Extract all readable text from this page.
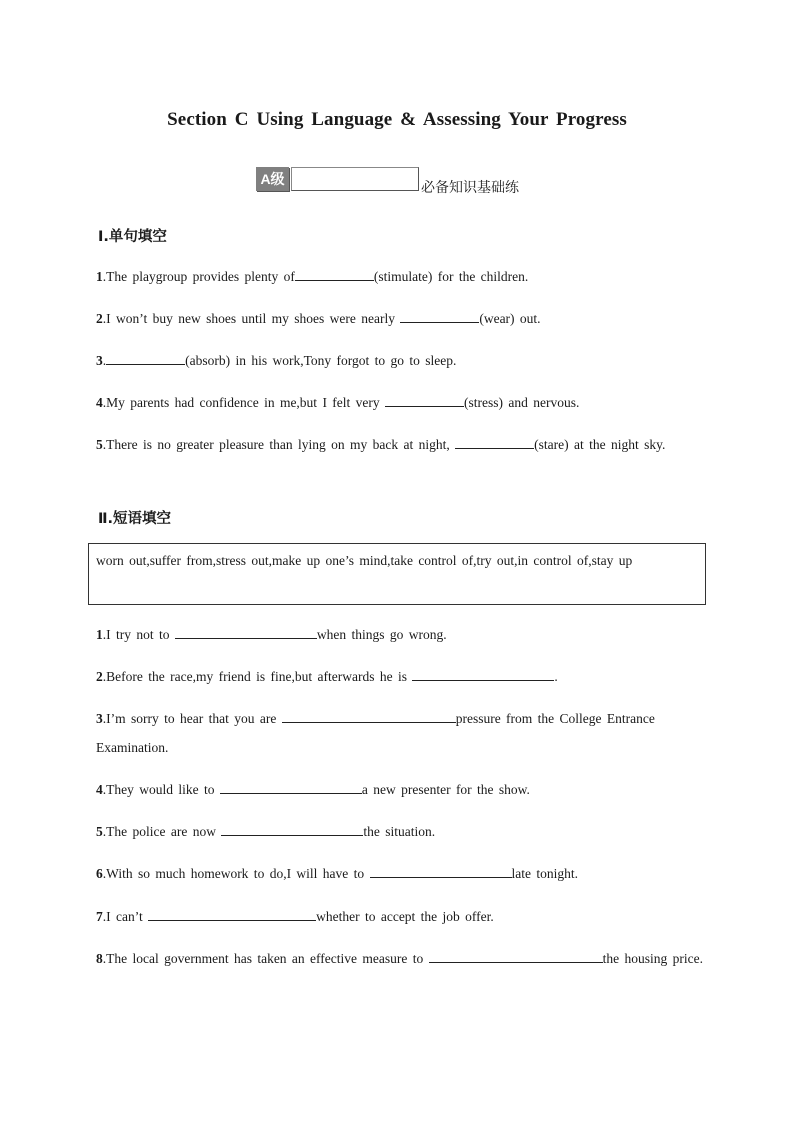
Section C Using Language & Assessing Your Progress
A级
必备知识基础练
Ⅰ.单句填空
1.The playgroup provides plenty of	(stimulate) for the children.
2.I won’t buy new shoes until my shoes were nearly	(wear) out.
3.	(absorb) in his work,Tony forgot to go to sleep.
4.My parents had confidence in me,but I felt very	(stress) and nervous.
5.There is no greater pleasure than lying on my back at night,	(stare) at the night sky.
Ⅱ.短语填空
worn out,suffer from,stress out,make up one’s mind,take control of,try out,in control of,stay up
1.I try not to	when things go wrong.
2.Before the race,my friend is fine,but afterwards he is	.
3.I’m sorry to hear that you are	pressure from the College Entrance Examination.
4.They would like to	a new presenter for the show.
5.The police are now	the situation.
6.With so much homework to do,I will have to	late tonight.
7.I can’t	whether to accept the job offer.
8.The local government has taken an effective measure to	the housing price.
